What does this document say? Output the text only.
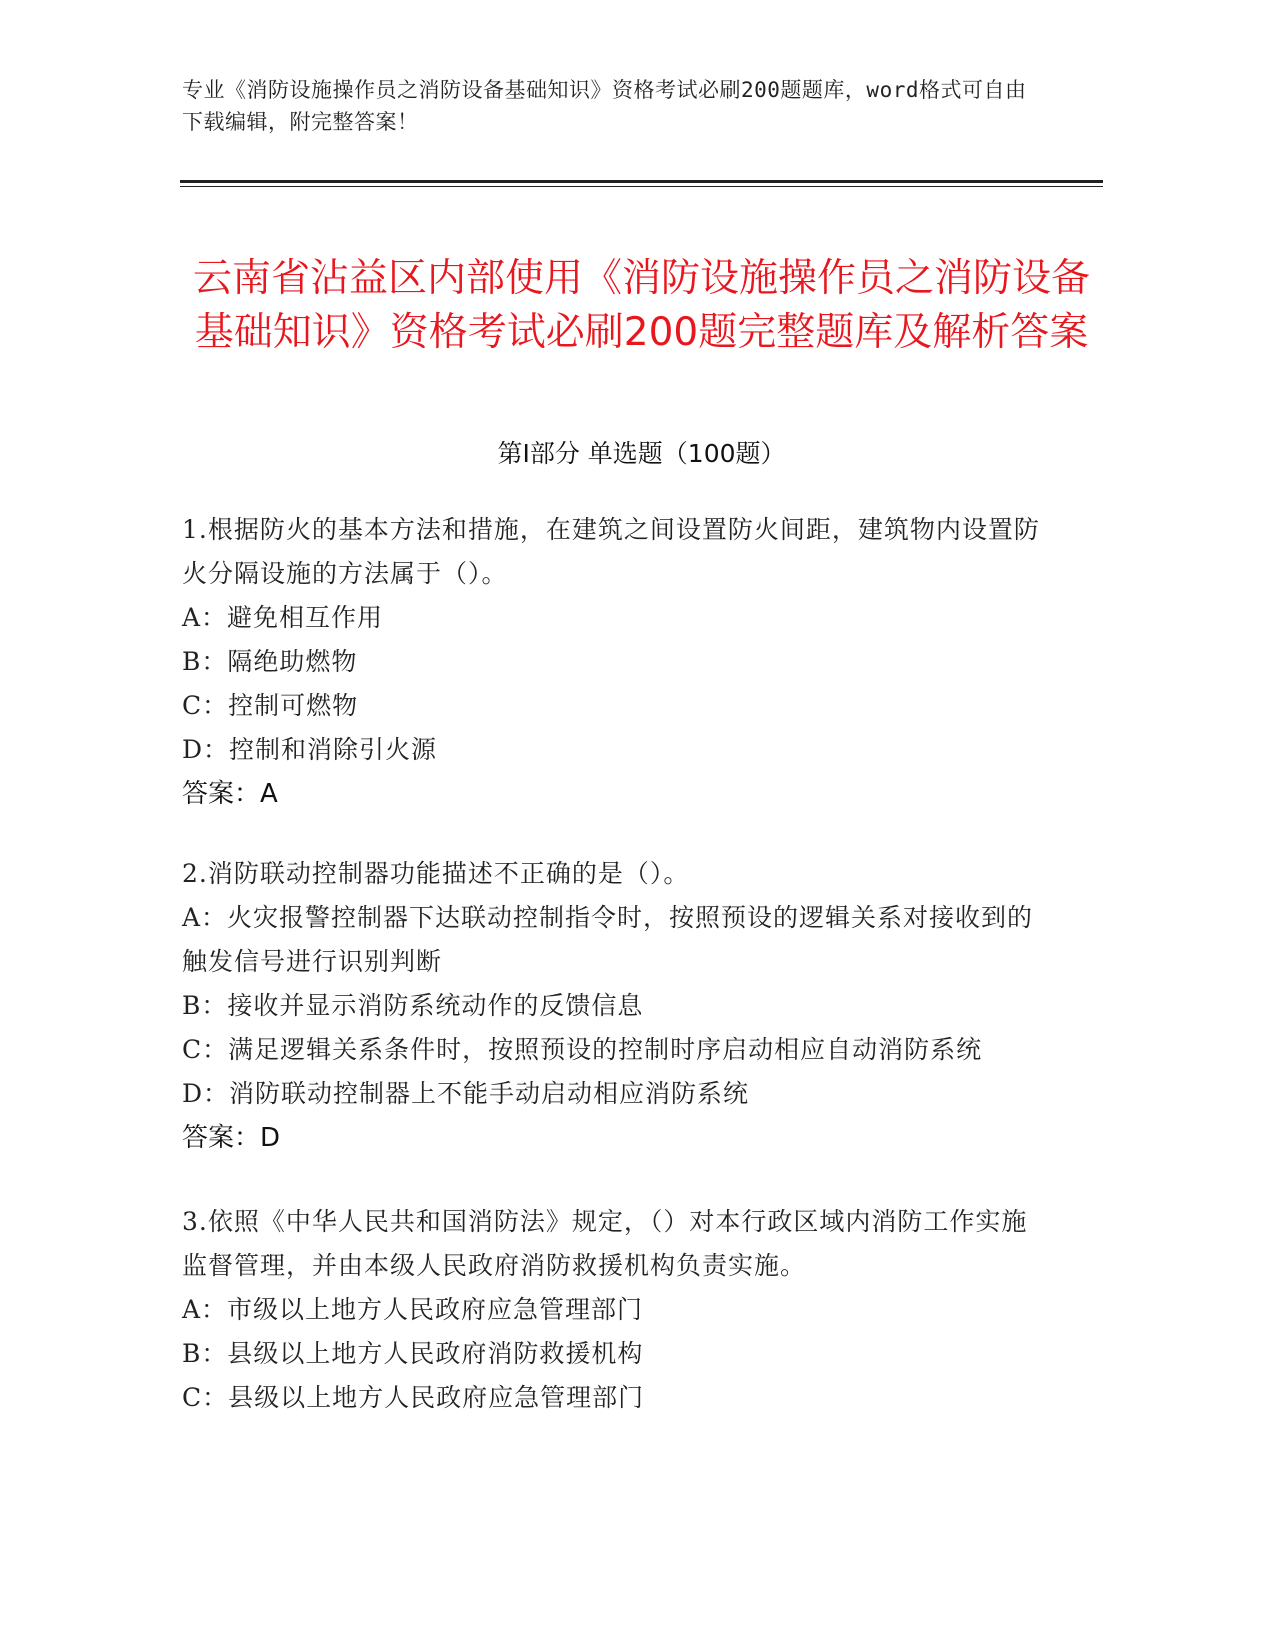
专业《消防设施操作员之消防设备基础知识》资格考试必刷200题题库，word格式可自由下载编辑，附完整答案！
云南省沾益区内部使用《消防设施操作员之消防设备基础知识》资格考试必刷200题完整题库及解析答案
第I部分 单选题（100题）
1.根据防火的基本方法和措施，在建筑之间设置防火间距，建筑物内设置防火分隔设施的方法属于（）。
A：避免相互作用
B：隔绝助燃物
C：控制可燃物
D：控制和消除引火源
答案：A
2.消防联动控制器功能描述不正确的是（）。
A：火灾报警控制器下达联动控制指令时，按照预设的逻辑关系对接收到的触发信号进行识别判断
B：接收并显示消防系统动作的反馈信息
C：满足逻辑关系条件时，按照预设的控制时序启动相应自动消防系统
D：消防联动控制器上不能手动启动相应消防系统
答案：D
3.依照《中华人民共和国消防法》规定，（）对本行政区域内消防工作实施监督管理，并由本级人民政府消防救援机构负责实施。
A：市级以上地方人民政府应急管理部门
B：县级以上地方人民政府消防救援机构
C：县级以上地方人民政府应急管理部门
